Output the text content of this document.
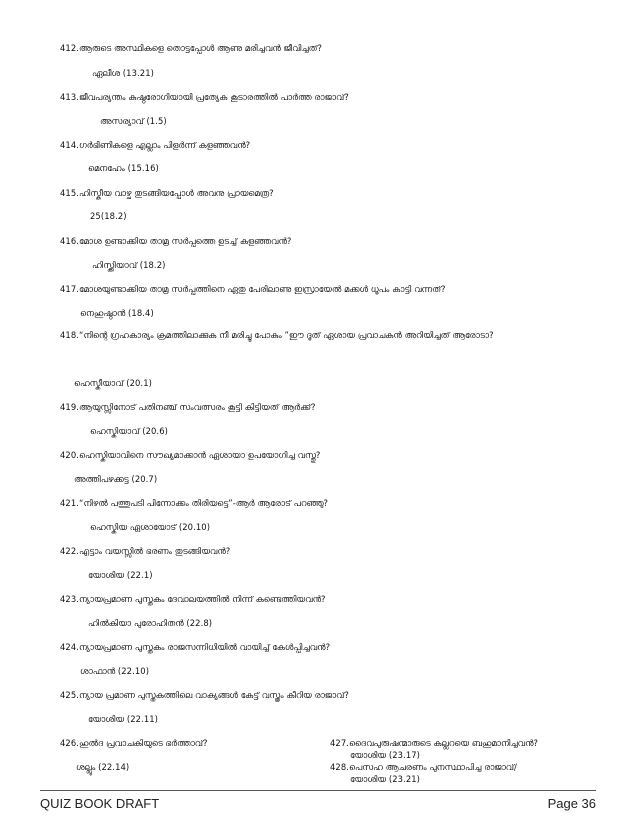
412.ആരുടെ അസ്ഥികളെ തൊട്ടപ്പോൾ ആണു മരിച്ചവൻ ജീവിച്ചത്?
ഏലീശ (13.21)
413.ജീവപര്യന്തം കുഷ്ഠരോഗിയായി പ്രത്യേക കൂടാരത്തിൽ പാർത്ത രാജാവ്?
അസര്യാവ് (1.5)
414.ഗർഭിണികളെ എല്ലാം പിളർന്ന് കളഞ്ഞവൻ?
മെനഹേം (15.16)
415.ഹിസ്കീയ വാഴ്ച തുടങ്ങിയപ്പോൾ അവനു പ്രായമെത്ര?
25(18.2)
416.മോശ ഉണ്ടാക്കിയ താമ്ര സർപ്പത്തെ ഉടച്ച് കളഞ്ഞവൻ?
ഹിസ്ക്കിയാവ് (18.2)
417.മോശയുണ്ടാക്കിയ താമ്ര സർപ്പത്തിനെ ഏതു പേരിലാണു ഇസ്രായേൽ മക്കൾ ധൂപം കാട്ടി വന്നത്?
നെഹുഷ്ഠാൻ (18.4)
418.“നിന്റെ ഗ്രഹകാര്യം ക്രമത്തിലാക്കുക നീ മരിച്ചു പോകും ”ഈ ദൂത് ഏശായ പ്രവാചകൻ അറിയിച്ചത് ആരോടാ?
ഹെസ്കീയാവ് (20.1)
419.ആയുസ്സിനോട് പതിനഞ്ച് സംവത്സരം കൂട്ടി കിട്ടിയത് ആർക്ക്?
ഹെസ്കിയാവ് (20.6)
420.ഹെസ്കിയാവിനെ സൗഖ്യമാക്കാൻ ഏശായാ ഉപയോഗിച്ച വസ്തു?
അത്തിപഴക്കട്ട (20.7)
421.“നിഴൽ പത്തുപടി പിന്നോക്കം തിരിയട്ടെ”-ആർ ആരോട് പറഞ്ഞു?
ഹെസ്കിയ ഏശായോട് (20.10)
422.എട്ടാം വയസ്സിൽ ഭരണം തുടങ്ങിയവൻ?
യോശിയ (22.1)
423.ന്യായപ്രമാണ പുസ്തകം ദേവാലയത്തിൽ നിന്ന് കണ്ടെത്തിയവൻ?
ഹിൽകിയാ പുരോഹിതൻ (22.8)
424.ന്യായപ്രമാണ പുസ്തകം രാജസന്നിധിയിൽ വായിച്ച് കേൾപ്പിച്ചവൻ?
ശാഫാൻ (22.10)
425.ന്യായ പ്രമാണ പുസ്തകത്തിലെ വാക്യങ്ങൾ കേട്ട് വസ്ത്രം കീറിയ രാജാവ്?
യോശിയ (22.11)
426.ഹുൽദ പ്രവാചകിയുടെ ഭർത്താവ്?
ശല്ലൂം (22.14)
427.ദൈവപുരുഷന്മാരുടെ കല്ലറയെ ബഹുമാനിച്ചവൻ?
യോശിയ (23.17)
428.പെസഹ ആചരണം പുനസ്ഥാപിച്ച രാജാവ്/
യോശിയ (23.21)
QUIZ BOOK DRAFT	Page 36
